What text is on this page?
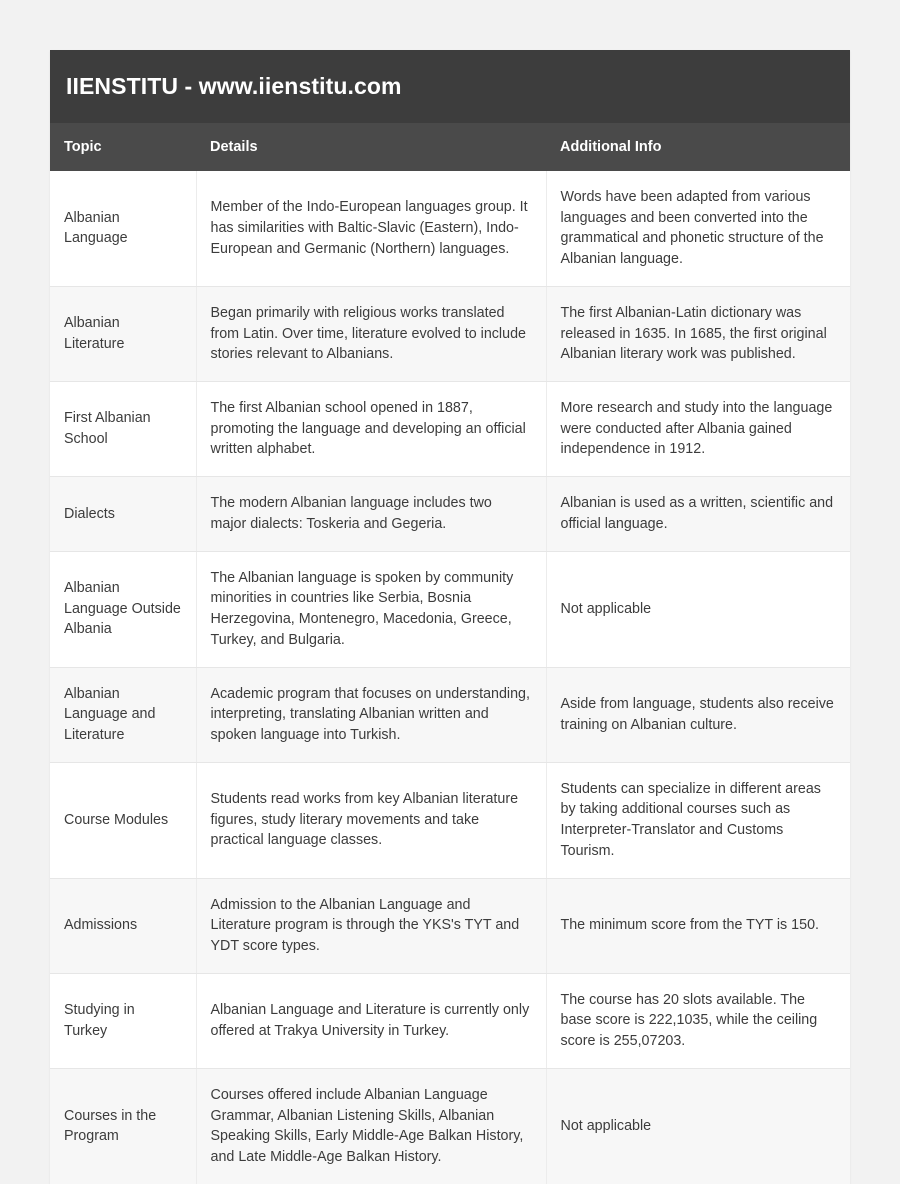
IIENSTITU - www.iienstitu.com
Topic	Details	Additional Info
Albanian Language	Member of the Indo-European languages group. It has similarities with Baltic-Slavic (Eastern), Indo-European and Germanic (Northern) languages.	Words have been adapted from various languages and been converted into the grammatical and phonetic structure of the Albanian language.
Albanian Literature	Began primarily with religious works translated from Latin. Over time, literature evolved to include stories relevant to Albanians.	The first Albanian-Latin dictionary was released in 1635. In 1685, the first original Albanian literary work was published.
First Albanian School	The first Albanian school opened in 1887, promoting the language and developing an official written alphabet.	More research and study into the language were conducted after Albania gained independence in 1912.
Dialects	The modern Albanian language includes two major dialects: Toskeria and Gegeria.	Albanian is used as a written, scientific and official language.
Albanian Language Outside Albania	The Albanian language is spoken by community minorities in countries like Serbia, Bosnia Herzegovina, Montenegro, Macedonia, Greece, Turkey, and Bulgaria.	Not applicable
Albanian Language and Literature	Academic program that focuses on understanding, interpreting, translating Albanian written and spoken language into Turkish.	Aside from language, students also receive training on Albanian culture.
Course Modules	Students read works from key Albanian literature figures, study literary movements and take practical language classes.	Students can specialize in different areas by taking additional courses such as Interpreter-Translator and Customs Tourism.
Admissions	Admission to the Albanian Language and Literature program is through the YKS's TYT and YDT score types.	The minimum score from the TYT is 150.
Studying in Turkey	Albanian Language and Literature is currently only offered at Trakya University in Turkey.	The course has 20 slots available. The base score is 222,1035, while the ceiling score is 255,07203.
Courses in the Program	Courses offered include Albanian Language Grammar, Albanian Listening Skills, Albanian Speaking Skills, Early Middle-Age Balkan History, and Late Middle-Age Balkan History.	Not applicable
